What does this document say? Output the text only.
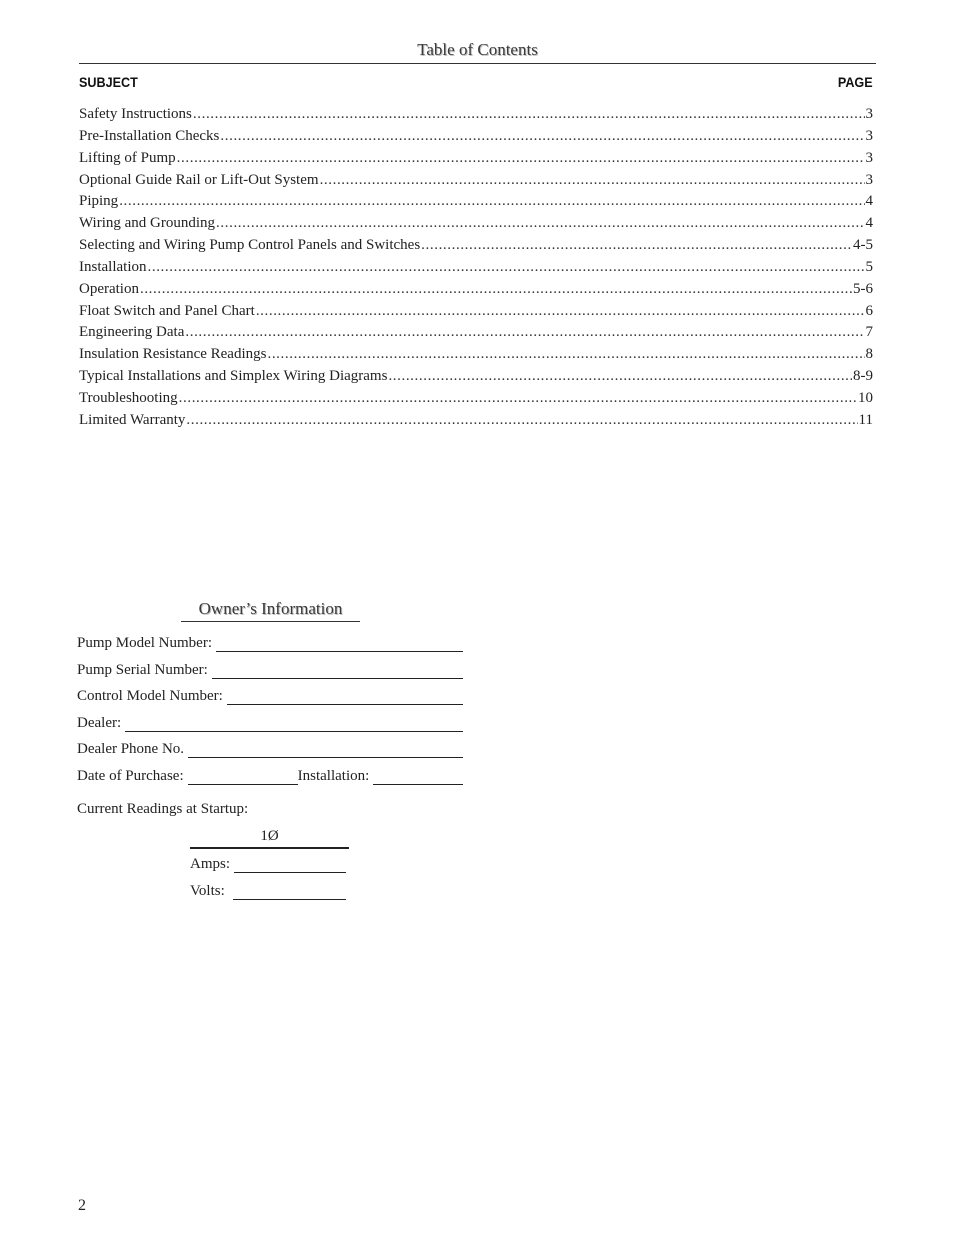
Table of Contents
SUBJECT	PAGE
Safety Instructions .....	3
Pre-Installation Checks .....	3
Lifting of Pump .....	3
Optional Guide Rail or Lift-Out System .....	3
Piping .....	4
Wiring and Grounding .....	4
Selecting and Wiring Pump Control Panels and Switches .....	4-5
Installation .....	5
Operation .....	5-6
Float Switch and Panel Chart .....	6
Engineering Data .....	7
Insulation Resistance Readings .....	8
Typical Installations and Simplex Wiring Diagrams .....	8-9
Troubleshooting .....	10
Limited Warranty .....	11
Owner’s Information
Pump Model Number:
Pump Serial Number:
Control Model Number:
Dealer:
Dealer Phone No.
Date of Purchase:	Installation:
Current Readings at Startup:
1Ø
Amps:
Volts:
2
